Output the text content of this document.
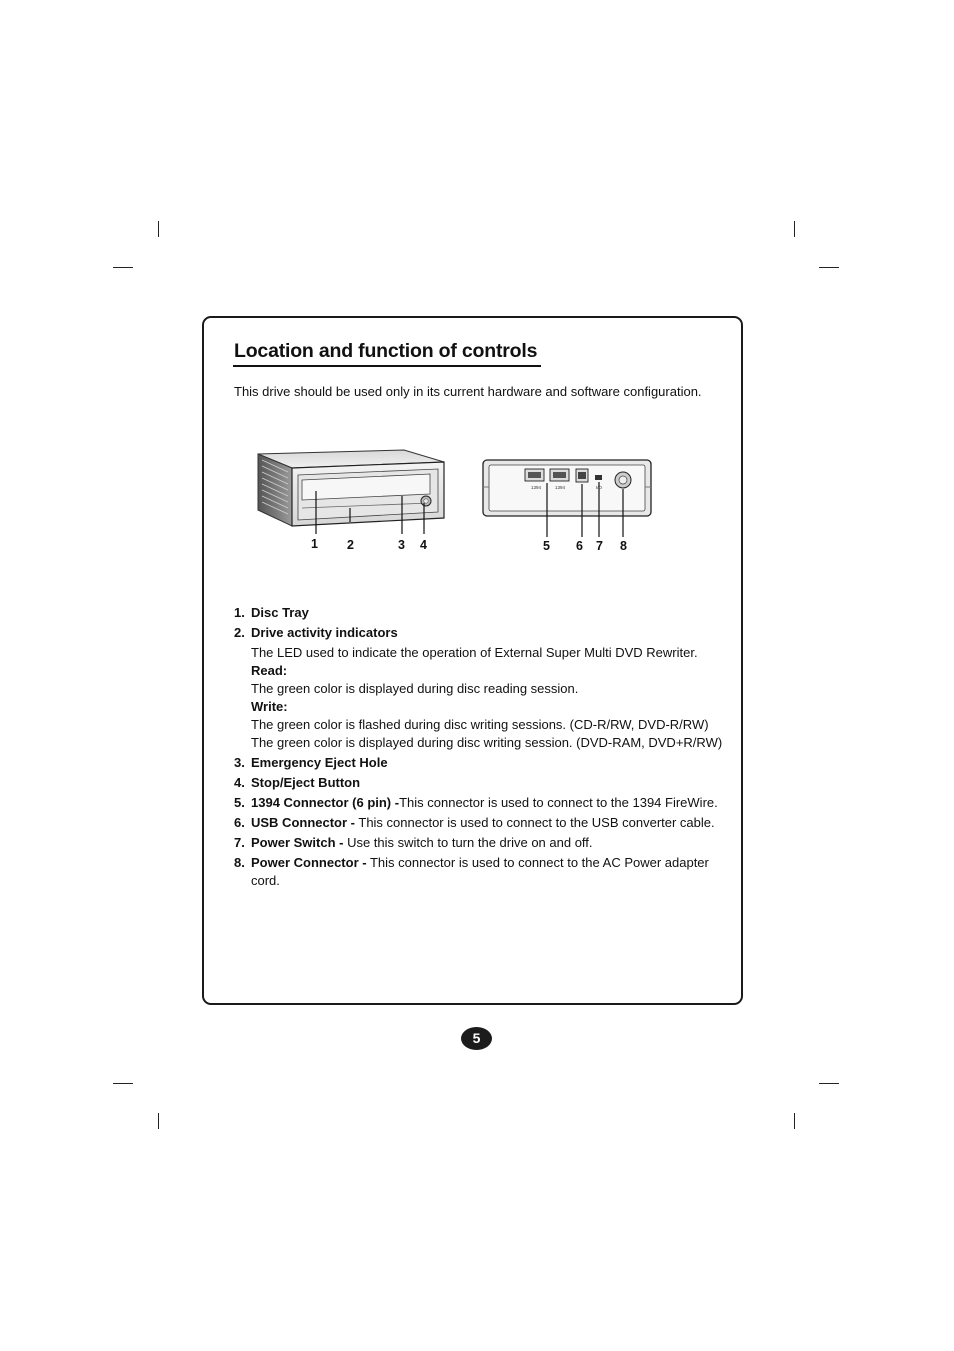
Location and function of controls
This drive should be used only in its current hardware and software configuration.
1394	1394	I/O
1 2	3 4	5 6 7 8
1. Disc Tray
2. Drive activity indicators
The LED used to indicate the operation of External Super Multi DVD Rewriter.
Read:
The green color is displayed during disc reading session.
Write:
The green color is flashed during disc writing sessions. (CD-R/RW, DVD-R/RW)
The green color is displayed during disc writing session. (DVD-RAM, DVD+R/RW)
3. Emergency Eject Hole
4. Stop/Eject Button
5. 1394 Connector (6 pin) -This connector is used to connect to the 1394 FireWire.
6. USB Connector - This connector is used to connect to the USB converter cable.
7. Power Switch - Use this switch to turn the drive on and off.
8. Power Connector - This connector is used to connect to the AC Power adapter cord.
5
